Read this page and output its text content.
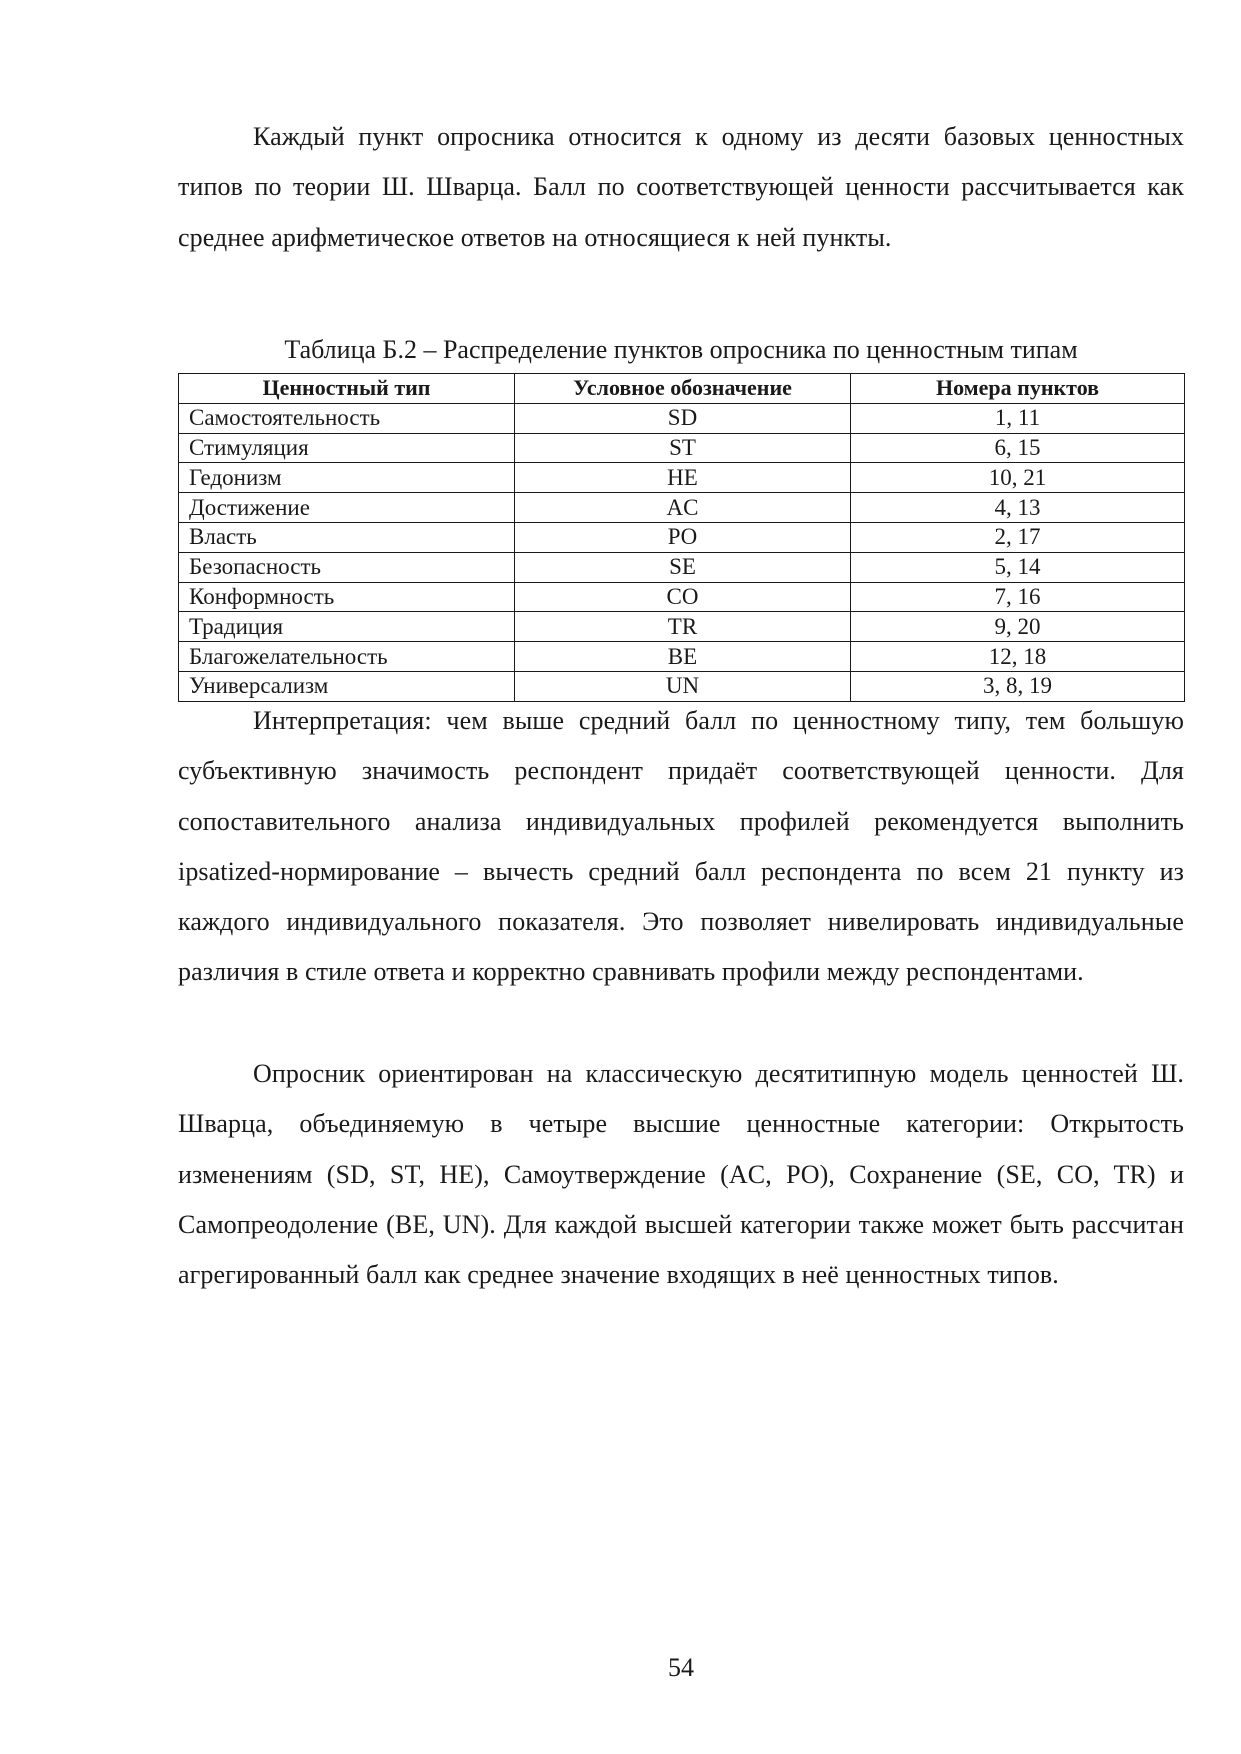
Каждый пункт опросника относится к одному из десяти базовых ценностных типов по теории Ш. Шварца. Балл по соответствующей ценности рассчитывается как среднее арифметическое ответов на относящиеся к ней пункты.

Таблица Б.2 – Распределение пунктов опросника по ценностным типам

Ценностный тип	Условное обозначение	Номера пунктов
Самостоятельность	SD	1, 11
Стимуляция	ST	6, 15
Гедонизм	HE	10, 21
Достижение	AC	4, 13
Власть	PO	2, 17
Безопасность	SE	5, 14
Конформность	CO	7, 16
Традиция	TR	9, 20
Благожелательность	BE	12, 18
Универсализм	UN	3, 8, 19

Интерпретация: чем выше средний балл по ценностному типу, тем большую субъективную значимость респондент придаёт соответствующей ценности. Для сопоставительного анализа индивидуальных профилей рекомендуется выполнить ipsatized-нормирование – вычесть средний балл респондента по всем 21 пункту из каждого индивидуального показателя. Это позволяет нивелировать индивидуальные различия в стиле ответа и корректно сравнивать профили между респондентами.

Опросник ориентирован на классическую десятитипную модель ценностей Ш. Шварца, объединяемую в четыре высшие ценностные категории: Открытость изменениям (SD, ST, HE), Самоутверждение (AC, PO), Сохранение (SE, CO, TR) и Самопреодоление (BE, UN). Для каждой высшей категории также может быть рассчитан агрегированный балл как среднее значение входящих в неё ценностных типов.

54
